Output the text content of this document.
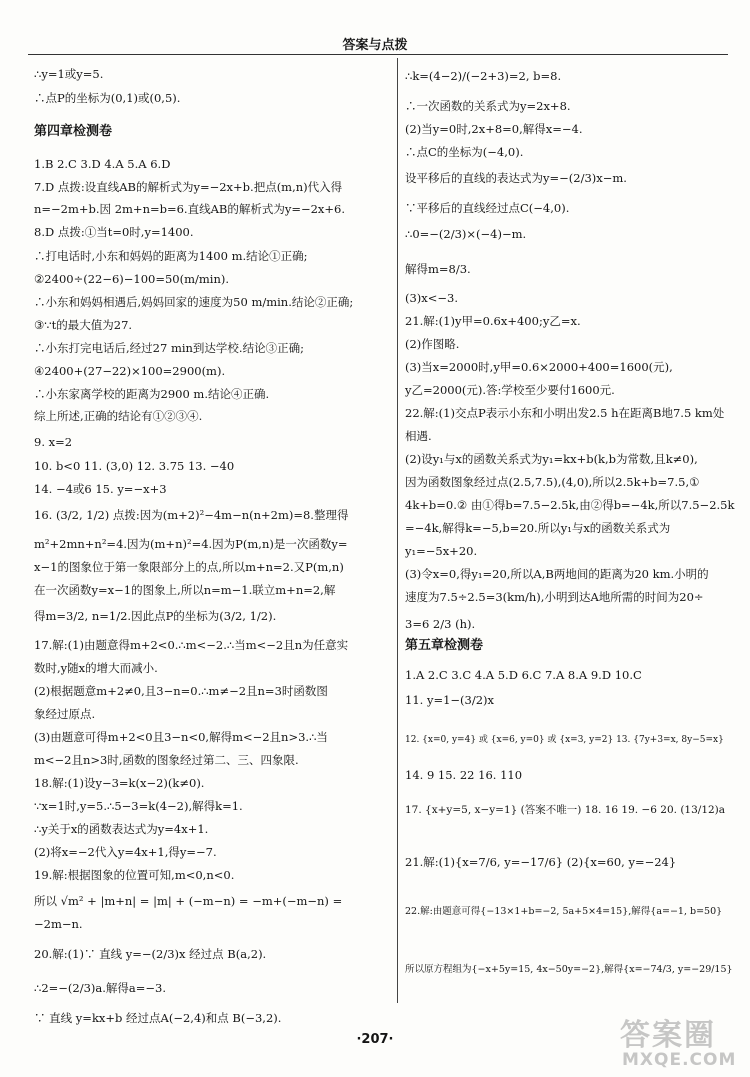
答案与点拨
∴y=1或y=5.
∴点P的坐标为(0,1)或(0,5).
第四章检测卷
1.B 2.C 3.D 4.A 5.A 6.D
7.D 点拨:设直线AB的解析式为y=−2x+b.把点(m,n)代入得
n=−2m+b.因 2m+n=b=6.直线AB的解析式为y=−2x+6.
8.D 点拨:①当t=0时,y=1400.
∴打电话时,小东和妈妈的距离为1400 m.结论①正确;
②2400÷(22−6)−100=50(m/min).
∴小东和妈妈相遇后,妈妈回家的速度为50 m/min.结论②正确;
③∵t的最大值为27.
∴小东打完电话后,经过27 min到达学校.结论③正确;
④2400+(27−22)×100=2900(m).
∴小东家离学校的距离为2900 m.结论④正确.
综上所述,正确的结论有①②③④.
9. x=2
10. b<0 11. (3,0) 12. 3.75 13. −40
14. −4或6 15. y=−x+3
16. (3/2, 1/2) 点拨:因为(m+2)²−4m−n(n+2m)=8.整理得
m²+2mn+n²=4.因为(m+n)²=4.因为P(m,n)是一次函数y=
x−1的图象位于第一象限部分上的点,所以m+n=2.又P(m,n)
在一次函数y=x−1的图象上,所以n=m−1.联立m+n=2,解
得m=3/2, n=1/2.因此点P的坐标为(3/2, 1/2).
17.解:(1)由题意得m+2<0.∴m<−2.∴当m<−2且n为任意实
数时,y随x的增大而减小.
(2)根据题意m+2≠0,且3−n=0.∴m≠−2且n=3时函数图
象经过原点.
(3)由题意可得m+2<0且3−n<0,解得m<−2且n>3.∴当
m<−2且n>3时,函数的图象经过第二、三、四象限.
18.解:(1)设y−3=k(x−2)(k≠0).
∵x=1时,y=5.∴5−3=k(4−2),解得k=1.
∴y关于x的函数表达式为y=4x+1.
(2)将x=−2代入y=4x+1,得y=−7.
19.解:根据图象的位置可知,m<0,n<0.
所以 √m² + |m+n| = |m| + (−m−n) = −m+(−m−n) =
−2m−n.
20.解:(1)∵ 直线 y=−(2/3)x 经过点 B(a,2).
∴2=−(2/3)a.解得a=−3.
∵ 直线 y=kx+b 经过点A(−2,4)和点 B(−3,2).
∴k=(4−2)/(−2+3)=2, b=8.
∴一次函数的关系式为y=2x+8.
(2)当y=0时,2x+8=0,解得x=−4.
∴点C的坐标为(−4,0).
设平移后的直线的表达式为y=−(2/3)x−m.
∵平移后的直线经过点C(−4,0).
∴0=−(2/3)×(−4)−m.
解得m=8/3.
(3)x<−3.
21.解:(1)y甲=0.6x+400;y乙=x.
(2)作图略.
(3)当x=2000时,y甲=0.6×2000+400=1600(元),
y乙=2000(元).答:学校至少要付1600元.
22.解:(1)交点P表示小东和小明出发2.5 h在距离B地7.5 km处
相遇.
(2)设y₁与x的函数关系式为y₁=kx+b(k,b为常数,且k≠0),
因为函数图象经过点(2.5,7.5),(4,0),所以2.5k+b=7.5,①
4k+b=0.② 由①得b=7.5−2.5k,由②得b=−4k,所以7.5−2.5k
=−4k,解得k=−5,b=20.所以y₁与x的函数关系式为
y₁=−5x+20.
(3)令x=0,得y₁=20,所以A,B两地间的距离为20 km.小明的
速度为7.5÷2.5=3(km/h),小明到达A地所需的时间为20÷
3=6 2/3 (h).
第五章检测卷
1.A 2.C 3.C 4.A 5.D 6.C 7.A 8.A 9.D 10.C
11. y=1−(3/2)x
12. {x=0, y=4} 或 {x=6, y=0} 或 {x=3, y=2} 13. {7y+3=x, 8y−5=x}
14. 9 15. 22 16. 110
17. {x+y=5, x−y=1} (答案不唯一) 18. 16 19. −6 20. (13/12)a
21.解:(1){x=7/6, y=−17/6} (2){x=60, y=−24}
22.解:由题意可得{−13×1+b=−2, 5a+5×4=15},解得{a=−1, b=50}
所以原方程组为{−x+5y=15, 4x−50y=−2},解得{x=−74/3, y=−29/15}
·207·	答案圈
MXQE.COM
